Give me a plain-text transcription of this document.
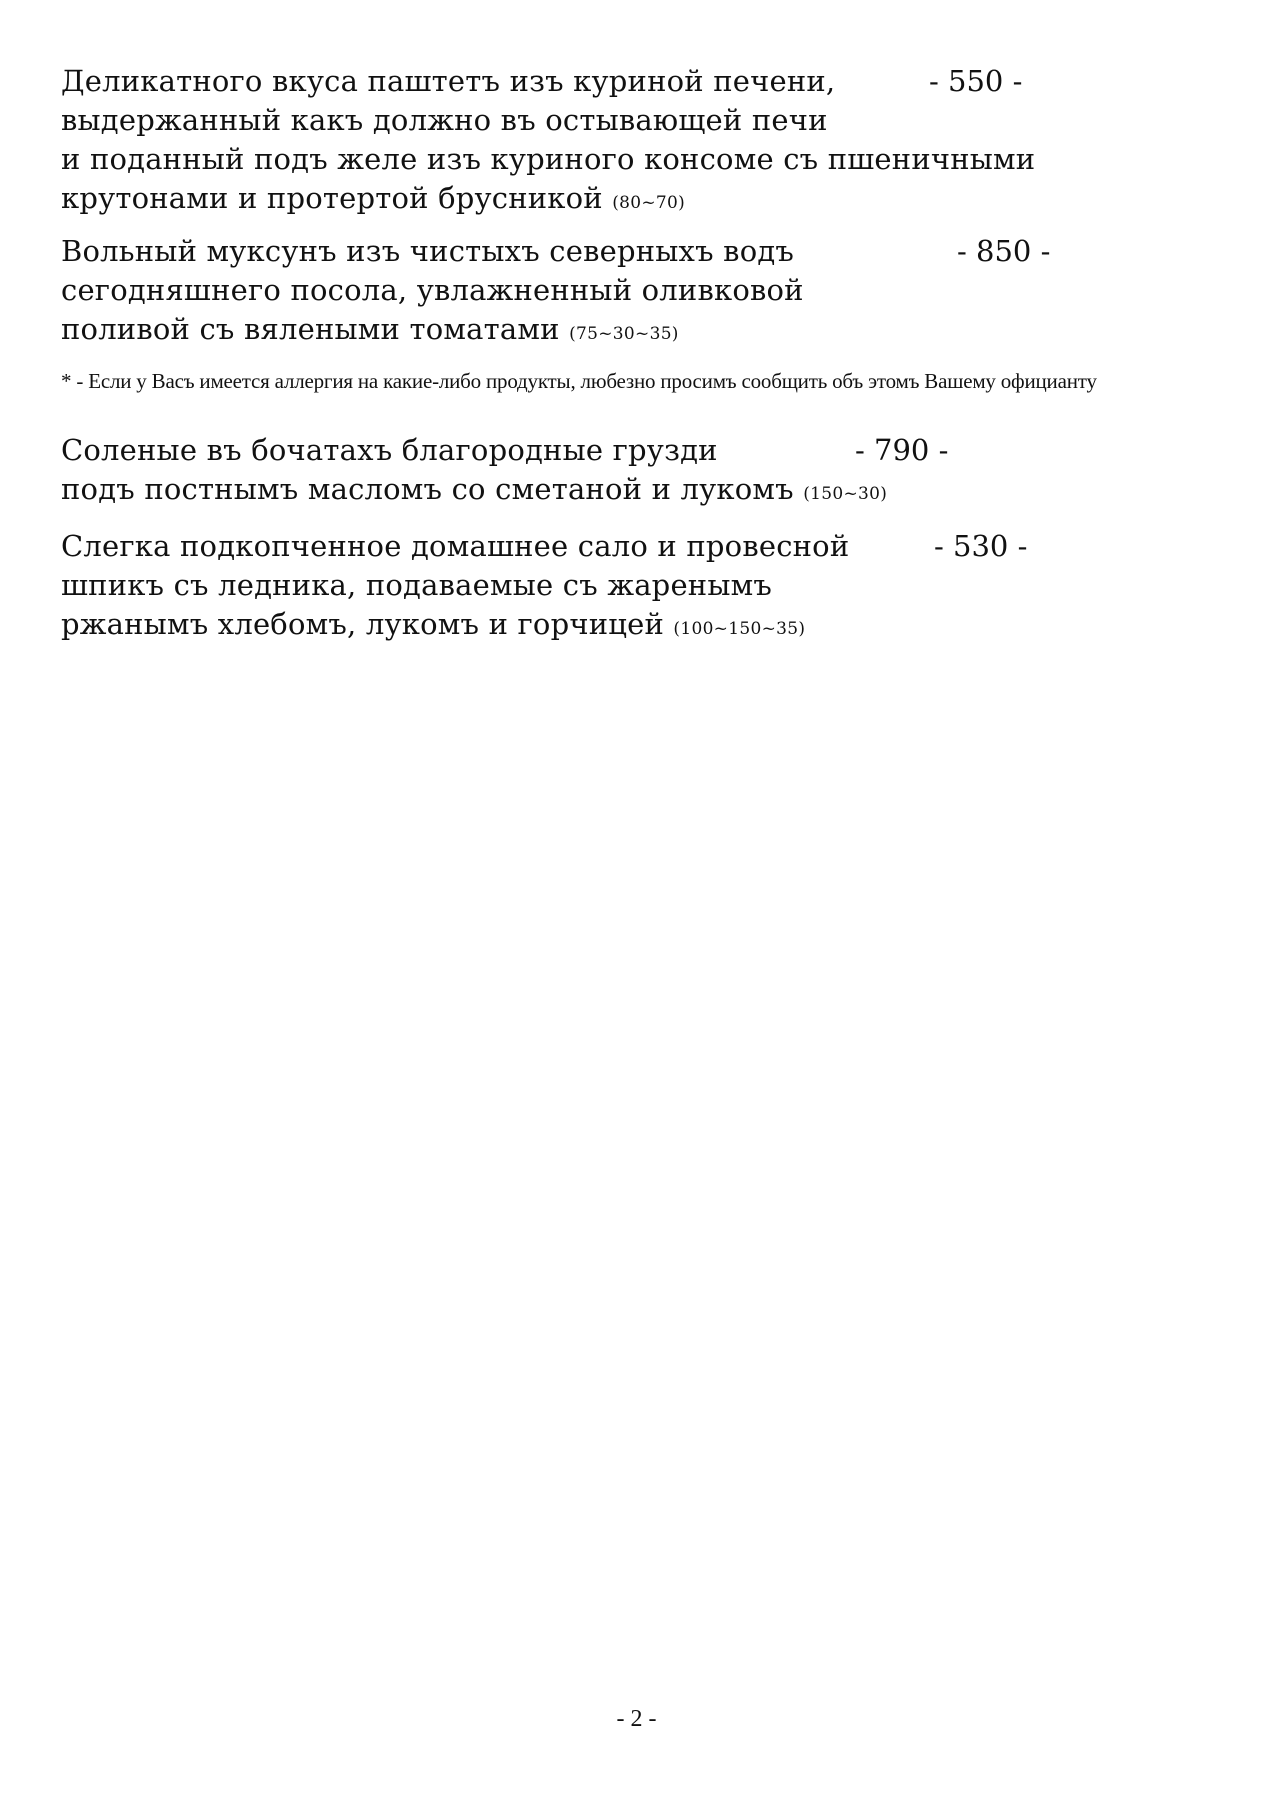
Деликатного вкуса паштетъ изъ куриной печени,
выдержанный какъ должно въ остывающей печи
и поданный подъ желе изъ куриного консоме съ пшеничными
крутонами и протертой брусникой (80~70)
- 550 -
Вольный муксунъ изъ чистыхъ северныхъ водъ
сегодняшнего посола, увлажненный оливковой
поливой съ вялеными томатами (75~30~35)
- 850 -
* - Если у Васъ имеется аллергия на какие-либо продукты, любезно просимъ сообщить объ этомъ Вашему официанту
Соленые въ бочатахъ благородные грузди
подъ постнымъ масломъ со сметаной и лукомъ (150~30)
- 790 -
Слегка подкопченное домашнее сало и провесной
шпикъ съ ледника, подаваемые съ жаренымъ
ржанымъ хлебомъ, лукомъ и горчицей (100~150~35)
- 530 -
- 2 -
